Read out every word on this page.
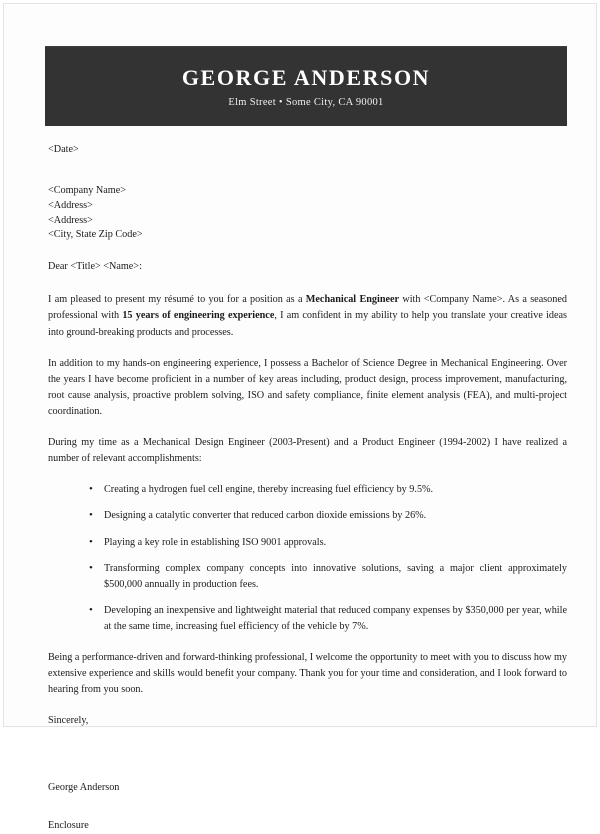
GEORGE ANDERSON
Elm Street • Some City, CA 90001
<Date>
<Company Name>
<Address>
<Address>
<City, State Zip Code>
Dear <Title> <Name>:

I am pleased to present my résumé to you for a position as a Mechanical Engineer with <Company Name>. As a seasoned professional with 15 years of engineering experience, I am confident in my ability to help you translate your creative ideas into ground-breaking products and processes.

In addition to my hands-on engineering experience, I possess a Bachelor of Science Degree in Mechanical Engineering. Over the years I have become proficient in a number of key areas including, product design, process improvement, manufacturing, root cause analysis, proactive problem solving, ISO and safety compliance, finite element analysis (FEA), and multi-project coordination.

During my time as a Mechanical Design Engineer (2003-Present) and a Product Engineer (1994-2002) I have realized a number of relevant accomplishments:

• Creating a hydrogen fuel cell engine, thereby increasing fuel efficiency by 9.5%.
• Designing a catalytic converter that reduced carbon dioxide emissions by 26%.
• Playing a key role in establishing ISO 9001 approvals.
• Transforming complex company concepts into innovative solutions, saving a major client approximately $500,000 annually in production fees.
• Developing an inexpensive and lightweight material that reduced company expenses by $350,000 per year, while at the same time, increasing fuel efficiency of the vehicle by 7%.

Being a performance-driven and forward-thinking professional, I welcome the opportunity to meet with you to discuss how my extensive experience and skills would benefit your company. Thank you for your time and consideration, and I look forward to hearing from you soon.

Sincerely,
George Anderson
Enclosure
